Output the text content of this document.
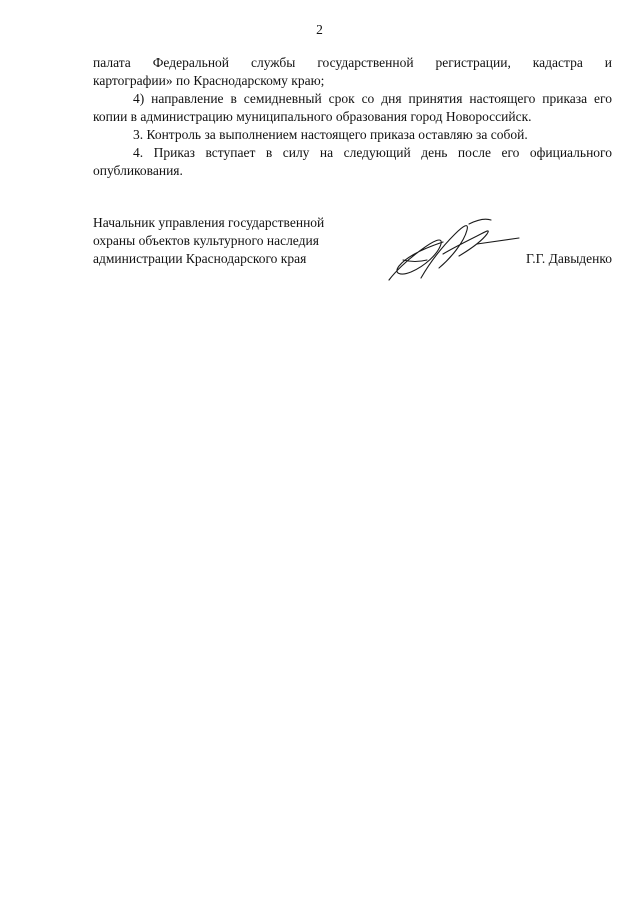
2

палата Федеральной службы государственной регистрации, кадастра и
картографии» по Краснодарскому краю;

4) направление в семидневный срок со дня принятия настоящего приказа его копии в администрацию муниципального образования город Новороссийск.

3. Контроль за выполнением настоящего приказа оставляю за собой.

4. Приказ вступает в силу на следующий день после его официального опубликования.

Начальник управления государственной
охраны объектов культурного наследия
администрации Краснодарского края	Г.Г. Давыденко
